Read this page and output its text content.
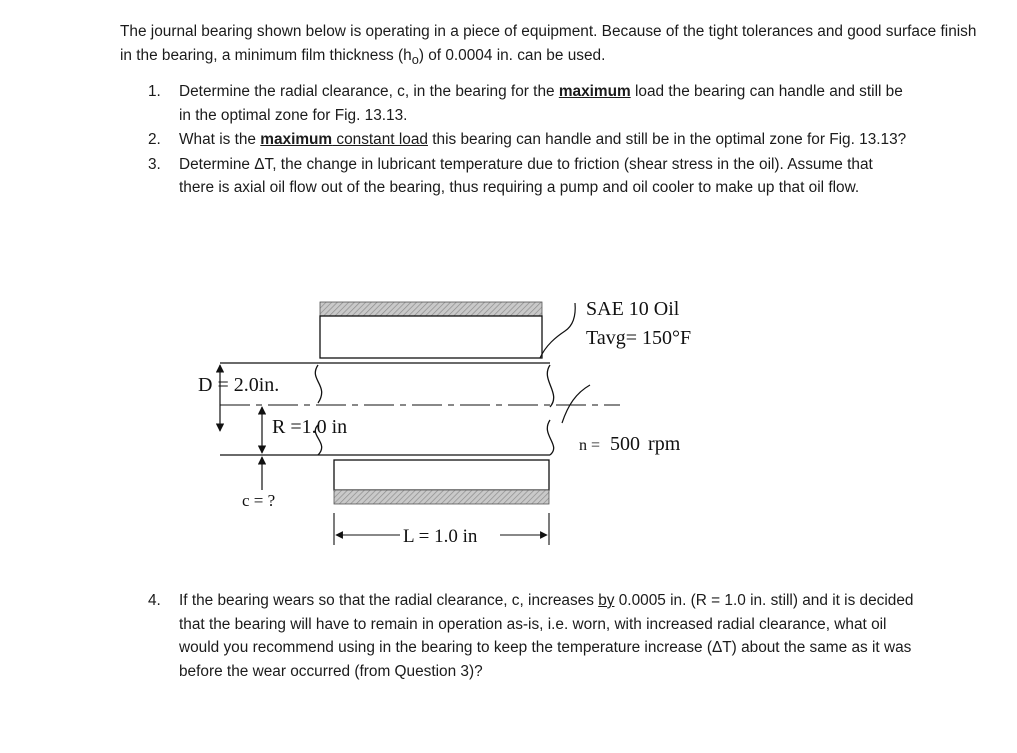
The journal bearing shown below is operating in a piece of equipment. Because of the tight tolerances and good surface finish in the bearing, a minimum film thickness $(h_o)$ of 0.0004 in. can be used.

1. Determine the radial clearance, c, in the bearing for the maximum load the bearing can handle and still be in the optimal zone for Fig. 13.13.
2. What is the maximum constant load this bearing can handle and still be in the optimal zone for Fig. 13.13?
3. Determine ΔT, the change in lubricant temperature due to friction (shear stress in the oil). Assume that there is axial oil flow out of the bearing, thus requiring a pump and oil cooler to make up that oil flow.
D = 2.0in.
R =1.0 in
c = ?
L = 1.0 in
SAE 10 Oil
Tavg= 150°F
n = 500 rpm
4. If the bearing wears so that the radial clearance, c, increases by 0.0005 in. (R = 1.0 in. still) and it is decided that the bearing will have to remain in operation as-is, i.e. worn, with increased radial clearance, what oil would you recommend using in the bearing to keep the temperature increase (ΔT) about the same as it was before the wear occurred (from Question 3)?
